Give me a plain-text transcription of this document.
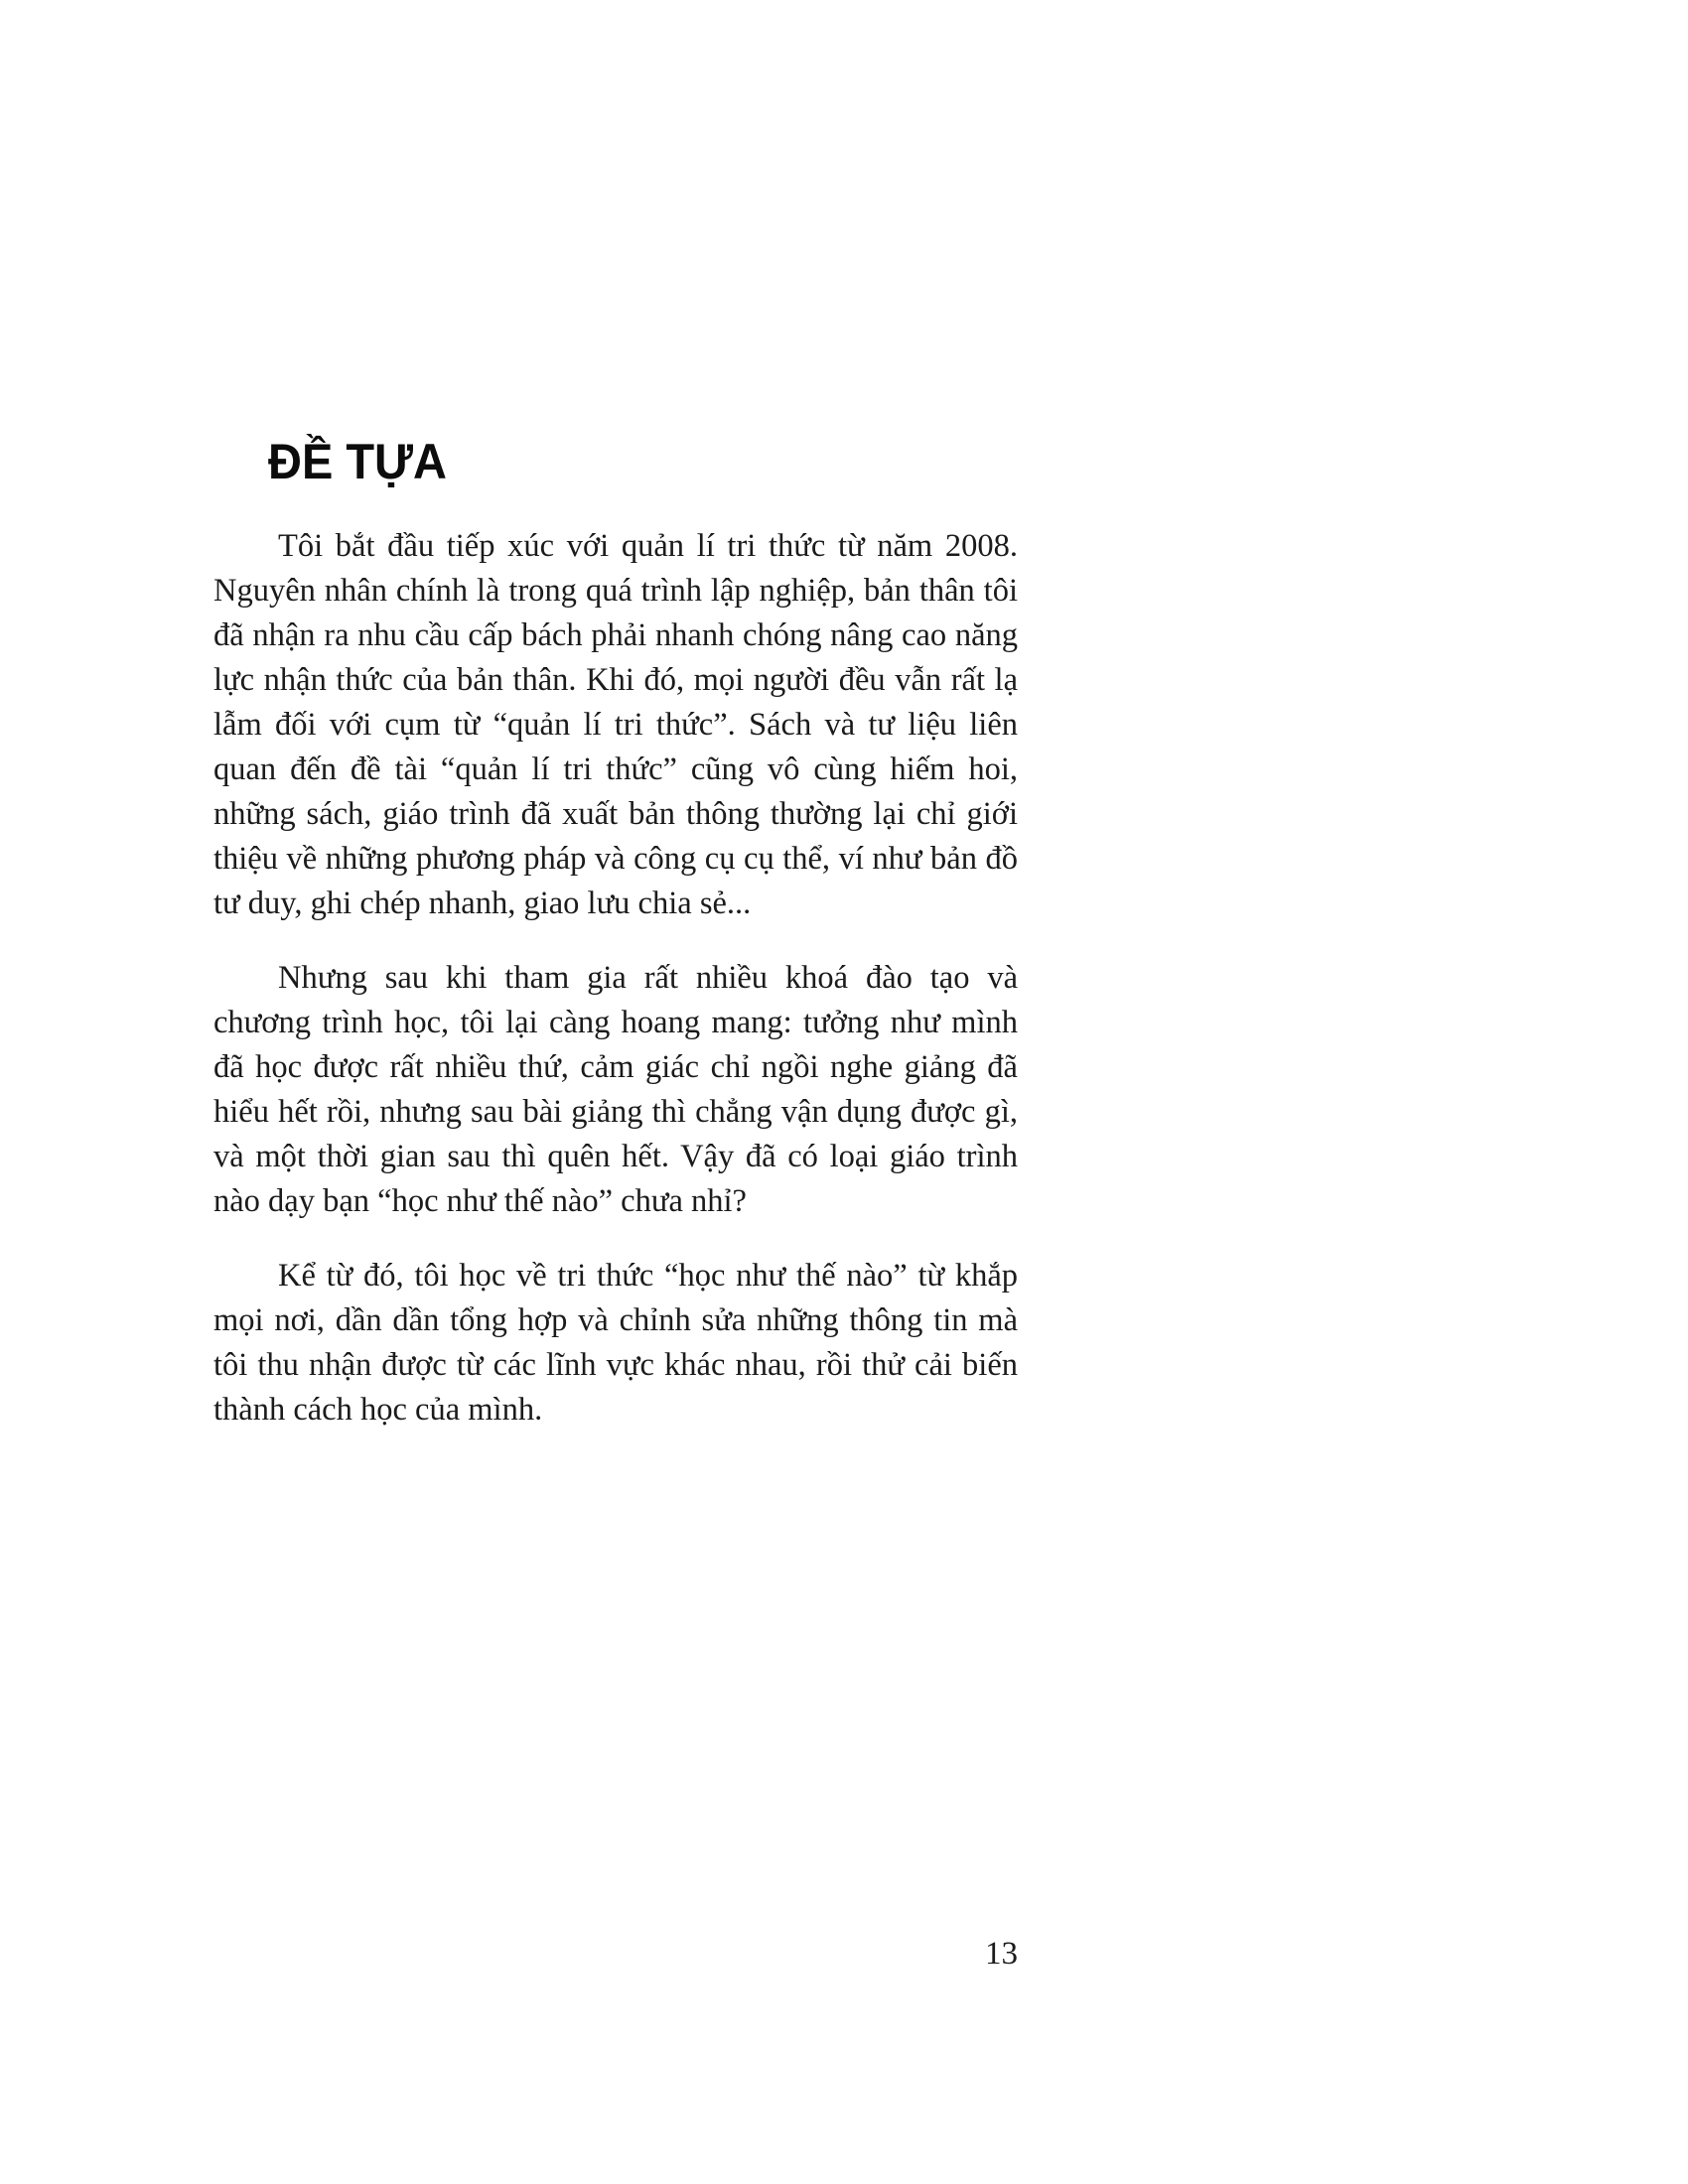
ĐỀ TỰA

Tôi bắt đầu tiếp xúc với quản lí tri thức từ năm 2008. Nguyên nhân chính là trong quá trình lập nghiệp, bản thân tôi đã nhận ra nhu cầu cấp bách phải nhanh chóng nâng cao năng lực nhận thức của bản thân. Khi đó, mọi người đều vẫn rất lạ lẫm đối với cụm từ “quản lí tri thức”. Sách và tư liệu liên quan đến đề tài “quản lí tri thức” cũng vô cùng hiếm hoi, những sách, giáo trình đã xuất bản thông thường lại chỉ giới thiệu về những phương pháp và công cụ cụ thể, ví như bản đồ tư duy, ghi chép nhanh, giao lưu chia sẻ...

Nhưng sau khi tham gia rất nhiều khoá đào tạo và chương trình học, tôi lại càng hoang mang: tưởng như mình đã học được rất nhiều thứ, cảm giác chỉ ngồi nghe giảng đã hiểu hết rồi, nhưng sau bài giảng thì chẳng vận dụng được gì, và một thời gian sau thì quên hết. Vậy đã có loại giáo trình nào dạy bạn “học như thế nào” chưa nhỉ?

Kể từ đó, tôi học về tri thức “học như thế nào” từ khắp mọi nơi, dần dần tổng hợp và chỉnh sửa những thông tin mà tôi thu nhận được từ các lĩnh vực khác nhau, rồi thử cải biến thành cách học của mình.

13
